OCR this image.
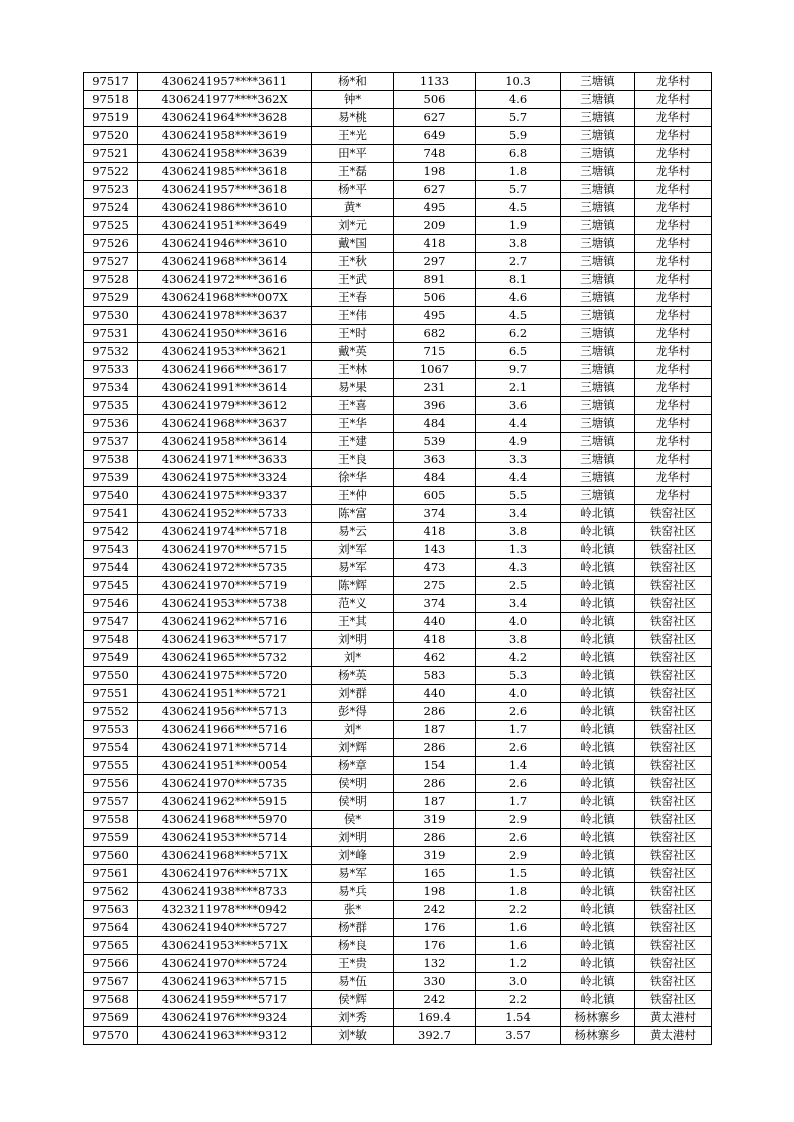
97517	4306241957****3611	杨*和	1133	10.3	三塘镇	龙华村
97518	4306241977****362X	钟*	506	4.6	三塘镇	龙华村
97519	4306241964****3628	易*桃	627	5.7	三塘镇	龙华村
97520	4306241958****3619	王*光	649	5.9	三塘镇	龙华村
97521	4306241958****3639	田*平	748	6.8	三塘镇	龙华村
97522	4306241985****3618	王*磊	198	1.8	三塘镇	龙华村
97523	4306241957****3618	杨*平	627	5.7	三塘镇	龙华村
97524	4306241986****3610	黄*	495	4.5	三塘镇	龙华村
97525	4306241951****3649	刘*元	209	1.9	三塘镇	龙华村
97526	4306241946****3610	戴*国	418	3.8	三塘镇	龙华村
97527	4306241968****3614	王*秋	297	2.7	三塘镇	龙华村
97528	4306241972****3616	王*武	891	8.1	三塘镇	龙华村
97529	4306241968****007X	王*春	506	4.6	三塘镇	龙华村
97530	4306241978****3637	王*伟	495	4.5	三塘镇	龙华村
97531	4306241950****3616	王*时	682	6.2	三塘镇	龙华村
97532	4306241953****3621	戴*英	715	6.5	三塘镇	龙华村
97533	4306241966****3617	王*林	1067	9.7	三塘镇	龙华村
97534	4306241991****3614	易*果	231	2.1	三塘镇	龙华村
97535	4306241979****3612	王*喜	396	3.6	三塘镇	龙华村
97536	4306241968****3637	王*华	484	4.4	三塘镇	龙华村
97537	4306241958****3614	王*建	539	4.9	三塘镇	龙华村
97538	4306241971****3633	王*良	363	3.3	三塘镇	龙华村
97539	4306241975****3324	徐*华	484	4.4	三塘镇	龙华村
97540	4306241975****9337	王*仲	605	5.5	三塘镇	龙华村
97541	4306241952****5733	陈*富	374	3.4	岭北镇	铁窑社区
97542	4306241974****5718	易*云	418	3.8	岭北镇	铁窑社区
97543	4306241970****5715	刘*军	143	1.3	岭北镇	铁窑社区
97544	4306241972****5735	易*军	473	4.3	岭北镇	铁窑社区
97545	4306241970****5719	陈*辉	275	2.5	岭北镇	铁窑社区
97546	4306241953****5738	范*义	374	3.4	岭北镇	铁窑社区
97547	4306241962****5716	王*其	440	4.0	岭北镇	铁窑社区
97548	4306241963****5717	刘*明	418	3.8	岭北镇	铁窑社区
97549	4306241965****5732	刘*	462	4.2	岭北镇	铁窑社区
97550	4306241975****5720	杨*英	583	5.3	岭北镇	铁窑社区
97551	4306241951****5721	刘*群	440	4.0	岭北镇	铁窑社区
97552	4306241956****5713	彭*得	286	2.6	岭北镇	铁窑社区
97553	4306241966****5716	刘*	187	1.7	岭北镇	铁窑社区
97554	4306241971****5714	刘*辉	286	2.6	岭北镇	铁窑社区
97555	4306241951****0054	杨*章	154	1.4	岭北镇	铁窑社区
97556	4306241970****5735	侯*明	286	2.6	岭北镇	铁窑社区
97557	4306241962****5915	侯*明	187	1.7	岭北镇	铁窑社区
97558	4306241968****5970	侯*	319	2.9	岭北镇	铁窑社区
97559	4306241953****5714	刘*明	286	2.6	岭北镇	铁窑社区
97560	4306241968****571X	刘*峰	319	2.9	岭北镇	铁窑社区
97561	4306241976****571X	易*军	165	1.5	岭北镇	铁窑社区
97562	4306241938****8733	易*兵	198	1.8	岭北镇	铁窑社区
97563	4323211978****0942	张*	242	2.2	岭北镇	铁窑社区
97564	4306241940****5727	杨*群	176	1.6	岭北镇	铁窑社区
97565	4306241953****571X	杨*良	176	1.6	岭北镇	铁窑社区
97566	4306241970****5724	王*贵	132	1.2	岭北镇	铁窑社区
97567	4306241963****5715	易*伍	330	3.0	岭北镇	铁窑社区
97568	4306241959****5717	侯*辉	242	2.2	岭北镇	铁窑社区
97569	4306241976****9324	刘*秀	169.4	1.54	杨林寨乡	黄太港村
97570	4306241963****9312	刘*敏	392.7	3.57	杨林寨乡	黄太港村
